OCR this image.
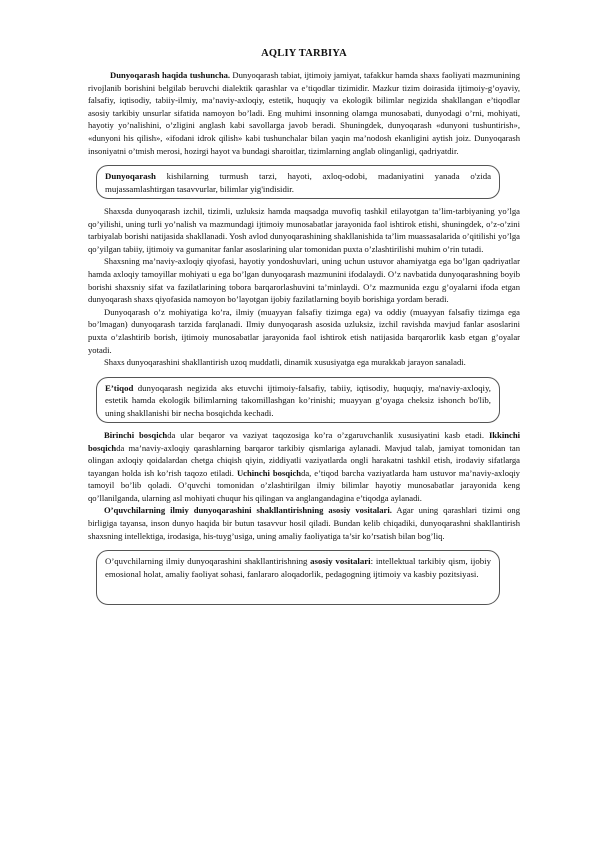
AQLIY TARBIYA

Dunyoqarash haqida tushuncha. Dunyoqarash tabiat, ijtimoiy jamiyat, tafakkur hamda shaxs faoliyati mazmunining rivojlanib borishini belgilab beruvchi dialektik qarashlar va e’tiqodlar tizimidir. Mazkur tizim doirasida ijtimoiy-g’oyaviy, falsafiy, iqtisodiy, tabiiy-ilmiy, ma’naviy-axloqiy, estetik, huquqiy va ekologik bilimlar negizida shakllangan e’tiqodlar asosiy tarkibiy unsurlar sifatida namoyon bo’ladi. Eng muhimi insonning olamga munosabati, dunyodagi o’rni, mohiyati, hayotiy yo’nalishini, o’zligini anglash kabi savollarga javob beradi. Shuningdek, dunyoqarash «dunyoni tushuntirish», «dunyoni his qilish», «ifodani idrok qilish» kabi tushunchalar bilan yaqin ma’nodosh ekanligini aytish joiz. Dunyoqarash insoniyatni o’tmish merosi, hozirgi hayot va bundagi sharoitlar, tizimlarning anglab olinganligi, qadriyatdir.

Dunyoqarash kishilarning turmush tarzi, hayoti, axloq-odobi, madaniyatini yanada o'zida mujassamlashtirgan tasavvurlar, bilimlar yig'indisidir.

Shaxsda dunyoqarash izchil, tizimli, uzluksiz hamda maqsadga muvofiq tashkil etilayotgan ta’lim-tarbiyaning yo’lga qo’yilishi, uning turli yo’nalish va mazmundagi ijtimoiy munosabatlar jarayonida faol ishtirok etishi, shuningdek, o’z-o’zini tarbiyalab borishi natijasida shakllanadi. Yosh avlod dunyoqarashining shakllanishida ta’lim muassasalarida o’qitilishi yo’lga qo’yilgan tabiiy, ijtimoiy va gumanitar fanlar asoslarining ular tomonidan puxta o’zlashtirilishi muhim o’rin tutadi.

Shaxsning ma’naviy-axloqiy qiyofasi, hayotiy yondoshuvlari, uning uchun ustuvor ahamiyatga ega bo’lgan qadriyatlar hamda axloqiy tamoyillar mohiyati u ega bo’lgan dunyoqarash mazmunini ifodalaydi. O’z navbatida dunyoqarashning boyib borishi shaxsniy sifat va fazilatlarining tobora barqarorlashuvini ta’minlaydi. O’z mazmunida ezgu g’oyalarni ifoda etgan dunyoqarash shaxs qiyofasida namoyon bo’layotgan ijobiy fazilatlarning boyib borishiga yordam beradi.

Dunyoqarash o’z mohiyatiga ko’ra, ilmiy (muayyan falsafiy tizimga ega) va oddiy (muayyan falsafiy tizimga ega bo’lmagan) dunyoqarash tarzida farqlanadi. Ilmiy dunyoqarash asosida uzluksiz, izchil ravishda mavjud fanlar asoslarini puxta o’zlashtirib borish, ijtimoiy munosabatlar jarayonida faol ishtirok etish natijasida barqarorlik kasb etgan g’oyalar yotadi.

Shaxs dunyoqarashini shakllantirish uzoq muddatli, dinamik xususiyatga ega murakkab jarayon sanaladi.

E’tiqod dunyoqarash negizida aks etuvchi ijtimoiy-falsafiy, tabiiy, iqtisodiy, huquqiy, ma'naviy-axloqiy, estetik hamda ekologik bilimlarning takomillashgan ko’rinishi; muayyan g’oyaga cheksiz ishonch bo'lib, uning shakllanishi bir necha bosqichda kechadi.

Birinchi bosqichda ular beqaror va vaziyat taqozosiga ko’ra o’zgaruvchanlik xususiyatini kasb etadi. Ikkinchi bosqichda ma’naviy-axloqiy qarashlarning barqaror tarkibiy qismlariga aylanadi. Mavjud talab, jamiyat tomonidan tan olingan axloqiy qoidalardan chetga chiqish qiyin, ziddiyatli vaziyatlarda ongli harakatni tashkil etish, irodaviy sifatlarga tayangan holda ish ko’rish taqozo etiladi. Uchinchi bosqichda, e’tiqod barcha vaziyatlarda ham ustuvor ma’naviy-axloqiy tamoyil bo’lib qoladi. O’quvchi tomonidan o’zlashtirilgan ilmiy bilimlar hayotiy munosabatlar jarayonida keng qo’llanilganda, ularning asl mohiyati chuqur his qilingan va anglangandagina e’tiqodga aylanadi.

O’quvchilarning ilmiy dunyoqarashini shakllantirishning asosiy vositalari. Agar uning qarashlari tizimi ong birligiga tayansa, inson dunyo haqida bir butun tasavvur hosil qiladi. Bundan kelib chiqadiki, dunyoqarashni shakllantirish shaxsning intellektiga, irodasiga, his-tuyg’usiga, uning amaliy faoliyatiga ta’sir ko’rsatish bilan bog’liq.

O’quvchilarning ilmiy dunyoqarashini shakllantirishning asosiy vositalari: intellektual tarkibiy qism, ijobiy emosional holat, amaliy faoliyat sohasi, fanlararo aloqadorlik, pedagogning ijtimoiy va kasbiy pozitsiyasi.
